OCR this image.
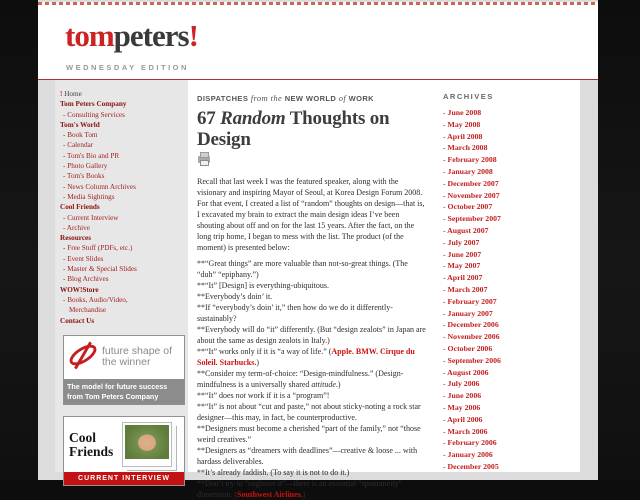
tompeters!
WEDNESDAY EDITION
! Home
Tom Peters Company
- Consulting Services
Tom's World
- Book Tom
- Calendar
- Tom's Bio and PR
- Photo Gallery
- Tom's Books
- News Column Archives
- Media Sightings
Cool Friends
- Current Interview
- Archive
Resources
- Free Stuff (PDFs, etc.)
- Event Slides
- Master & Special Slides
- Blog Archives
WOW!Store
- Books, Audio/Video, Merchandise
Contact Us
future shape of the winner
The model for future success from Tom Peters Company
Cool Friends
CURRENT INTERVIEW
DISPATCHES from the NEW WORLD of WORK
67 Random Thoughts on Design

Recall that last week I was the featured speaker, along with the visionary and inspiring Mayor of Seoul, at Korea Design Forum 2008. For that event, I created a list of “random” thoughts on design—that is, I excavated my brain to extract the main design ideas I’ve been shouting about off and on for the last 15 years. After the fact, on the long trip home, I began to mess with the list. The product (of the moment) is presented below:

**“Great things” are more valuable than not-so-great things. (The “duh” “epiphany.”)

**“It” [Design] is everything-ubiquitous.

**Everybody’s doin’ it.

**If “everybody’s doin’ it,” then how do we do it differently-sustainably?

**Everybody will do “it” differently. (But “design zealots” in Japan are about the same as design zealots in Italy.)

**“It” works only if it is “a way of life.” (Apple. BMW. Cirque du Soleil. Starbucks.)

**Consider my term-of-choice: “Design-mindfulness.” (Design-mindfulness is a universally shared attitude.)

**“It” does not work if it is a “program”!

**“It” is not about “cut and paste,” not about sticky-noting a rock star designer—this may, in fact, be counterproductive.

**Designers must become a cherished “part of the family,” not “those weird creatives.”

**Designers as “dreamers with deadlines”—creative & loose ... with hardass deliverables.

**It’s already faddish. (To say it is not to do it.)

**Don’t try to “engineer it”—there is an essential “spontaneity” dimension. (Southwest Airlines.)

ARCHIVES
- June 2008
- May 2008
- April 2008
- March 2008
- February 2008
- January 2008
- December 2007
- November 2007
- October 2007
- September 2007
- August 2007
- July 2007
- June 2007
- May 2007
- April 2007
- March 2007
- February 2007
- January 2007
- December 2006
- November 2006
- October 2006
- September 2006
- August 2006
- July 2006
- June 2006
- May 2006
- April 2006
- March 2006
- February 2006
- January 2006
- December 2005
